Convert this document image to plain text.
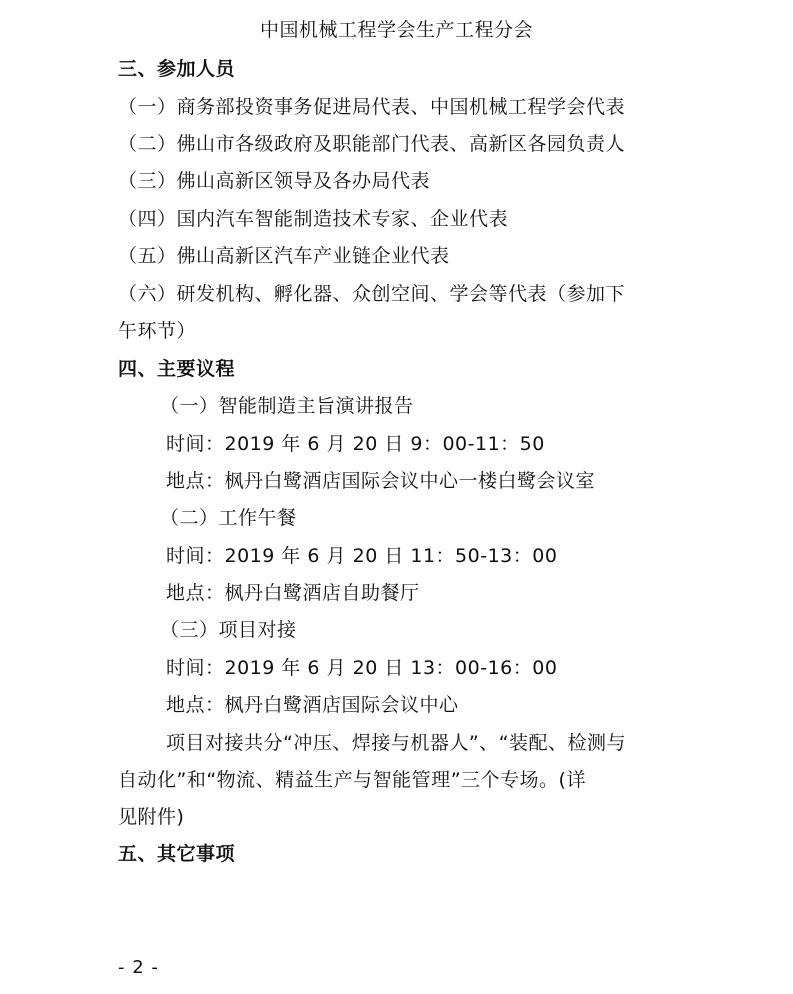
中国机械工程学会生产工程分会
三、参加人员
（一）商务部投资事务促进局代表、中国机械工程学会代表
（二）佛山市各级政府及职能部门代表、高新区各园负责人
（三）佛山高新区领导及各办局代表
（四）国内汽车智能制造技术专家、企业代表
（五）佛山高新区汽车产业链企业代表
（六）研发机构、孵化器、众创空间、学会等代表（参加下
午环节）
四、主要议程
（一）智能制造主旨演讲报告
时间：2019 年 6 月 20 日 9：00-11：50
地点：枫丹白鹭酒店国际会议中心一楼白鹭会议室
（二）工作午餐
时间：2019 年 6 月 20 日 11：50-13：00
地点：枫丹白鹭酒店自助餐厅
（三）项目对接
时间：2019 年 6 月 20 日 13：00-16：00
地点：枫丹白鹭酒店国际会议中心
项目对接共分“冲压、焊接与机器人”、“装配、检测与
自动化”和“物流、精益生产与智能管理”三个专场。(详
见附件)
五、其它事项
- 2 -
